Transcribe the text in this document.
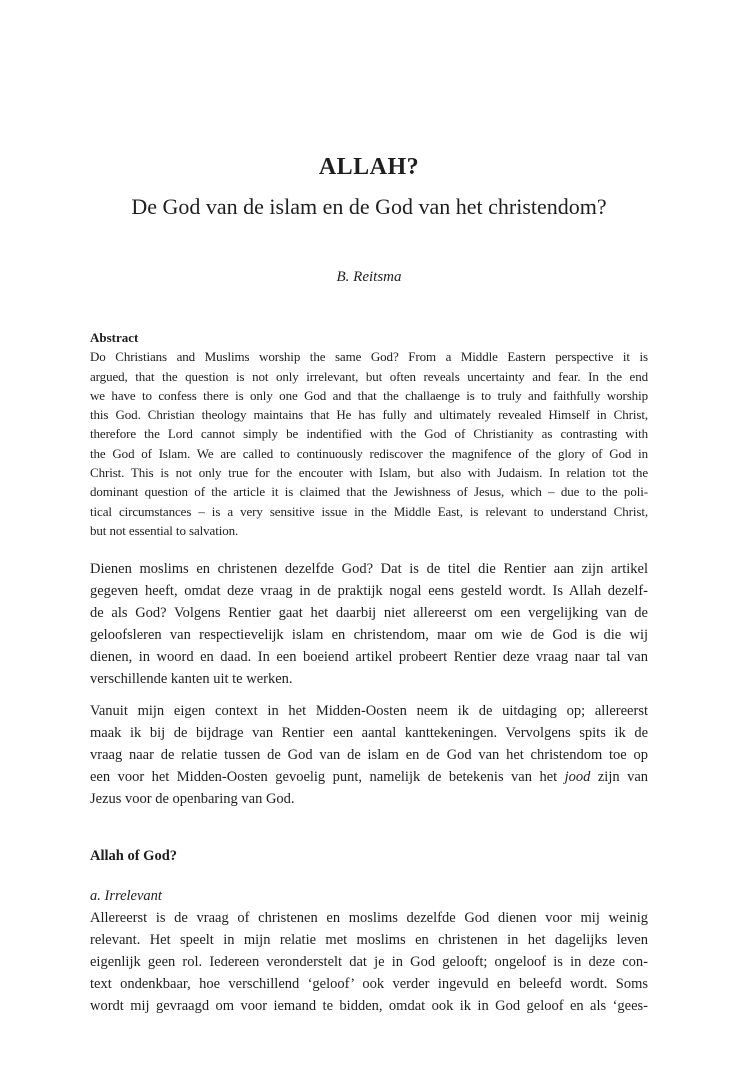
ALLAH?
De God van de islam en de God van het christendom?
B. Reitsma
Abstract
Do Christians and Muslims worship the same God? From a Middle Eastern perspective it is
argued, that the question is not only irrelevant, but often reveals uncertainty and fear. In the end
we have to confess there is only one God and that the challaenge is to truly and faithfully worship
this God. Christian theology maintains that He has fully and ultimately revealed Himself in Christ,
therefore the Lord cannot simply be indentified with the God of Christianity as contrasting with
the God of Islam. We are called to continuously rediscover the magnifence of the glory of God in
Christ. This is not only true for the encouter with Islam, but also with Judaism. In relation tot the
dominant question of the article it is claimed that the Jewishness of Jesus, which – due to the poli-
tical circumstances – is a very sensitive issue in the Middle East, is relevant to understand Christ,
but not essential to salvation.
Dienen moslims en christenen dezelfde God? Dat is de titel die Rentier aan zijn artikel
gegeven heeft, omdat deze vraag in de praktijk nogal eens gesteld wordt. Is Allah dezelf-
de als God? Volgens Rentier gaat het daarbij niet allereerst om een vergelijking van de
geloofsleren van respectievelijk islam en christendom, maar om wie de God is die wij
dienen, in woord en daad. In een boeiend artikel probeert Rentier deze vraag naar tal van
verschillende kanten uit te werken.
Vanuit mijn eigen context in het Midden-Oosten neem ik de uitdaging op; allereerst
maak ik bij de bijdrage van Rentier een aantal kanttekeningen. Vervolgens spits ik de
vraag naar de relatie tussen de God van de islam en de God van het christendom toe op
een voor het Midden-Oosten gevoelig punt, namelijk de betekenis van het jood zijn van
Jezus voor de openbaring van God.
Allah of God?
a. Irrelevant
Allereerst is de vraag of christenen en moslims dezelfde God dienen voor mij weinig
relevant. Het speelt in mijn relatie met moslims en christenen in het dagelijks leven
eigenlijk geen rol. Iedereen veronderstelt dat je in God gelooft; ongeloof is in deze con-
text ondenkbaar, hoe verschillend ‘geloof’ ook verder ingevuld en beleefd wordt. Soms
wordt mij gevraagd om voor iemand te bidden, omdat ook ik in God geloof en als ‘gees-
